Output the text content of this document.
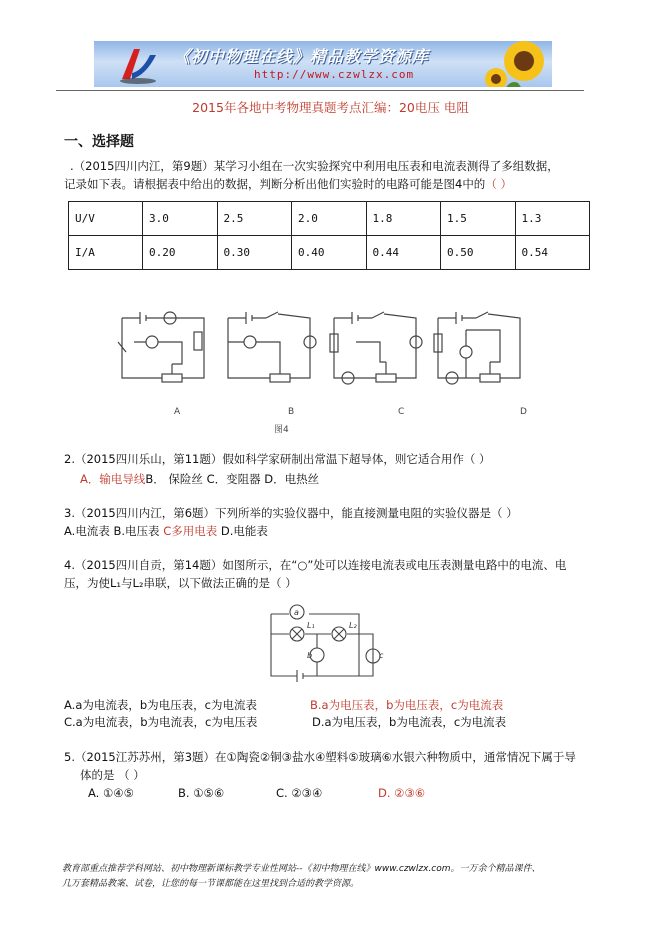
《初中物理在线》精品教学资源库
http://www.czwlzx.com
2015年各地中考物理真题考点汇编：20电压 电阻
一、选择题
.（2015四川内江，第9题）某学习小组在一次实验探究中利用电压表和电流表测得了多组数据，
记录如下表。请根据表中给出的数据，判断分析出他们实验时的电路可能是图4中的（ ）
U/V	3.0	2.5	2.0	1.8	1.5	1.3
I/A	0.20	0.30	0.40	0.44	0.50	0.54
A	B	C	D
图4
2.（2015四川乐山，第11题）假如科学家研制出常温下超导体，则它适合用作（ ）
A．输电导线B． 保险丝 C．变阻器 D．电热丝
3.（2015四川内江，第6题）下列所举的实验仪器中，能直接测量电阻的实验仪器是（ ）
A.电流表 B.电压表 C多用电表 D.电能表
4.（2015四川自贡，第14题）如图所示，在“○”处可以连接电流表或电压表测量电路中的电流、电
压，为使L₁与L₂串联，以下做法正确的是（ ）
a
L₁	L₂
b	c
A.a为电流表，b为电压表，c为电流表	B.a为电压表，b为电压表，c为电流表
C.a为电流表，b为电流表，c为电压表	D.a为电压表，b为电流表，c为电流表
5.（2015江苏苏州，第3题）在①陶瓷②铜③盐水④塑料⑤玻璃⑥水银六种物质中，通常情况下属于导
体的是 （ ）
A. ①④⑤	B. ①⑤⑥	C. ②③④	D. ②③⑥
教育部重点推荐学科网站、初中物理新课标教学专业性网站--《初中物理在线》www.czwlzx.com。一万余个精品课件、
几万套精品教案、试卷，让您的每一节课都能在这里找到合适的教学资源。
